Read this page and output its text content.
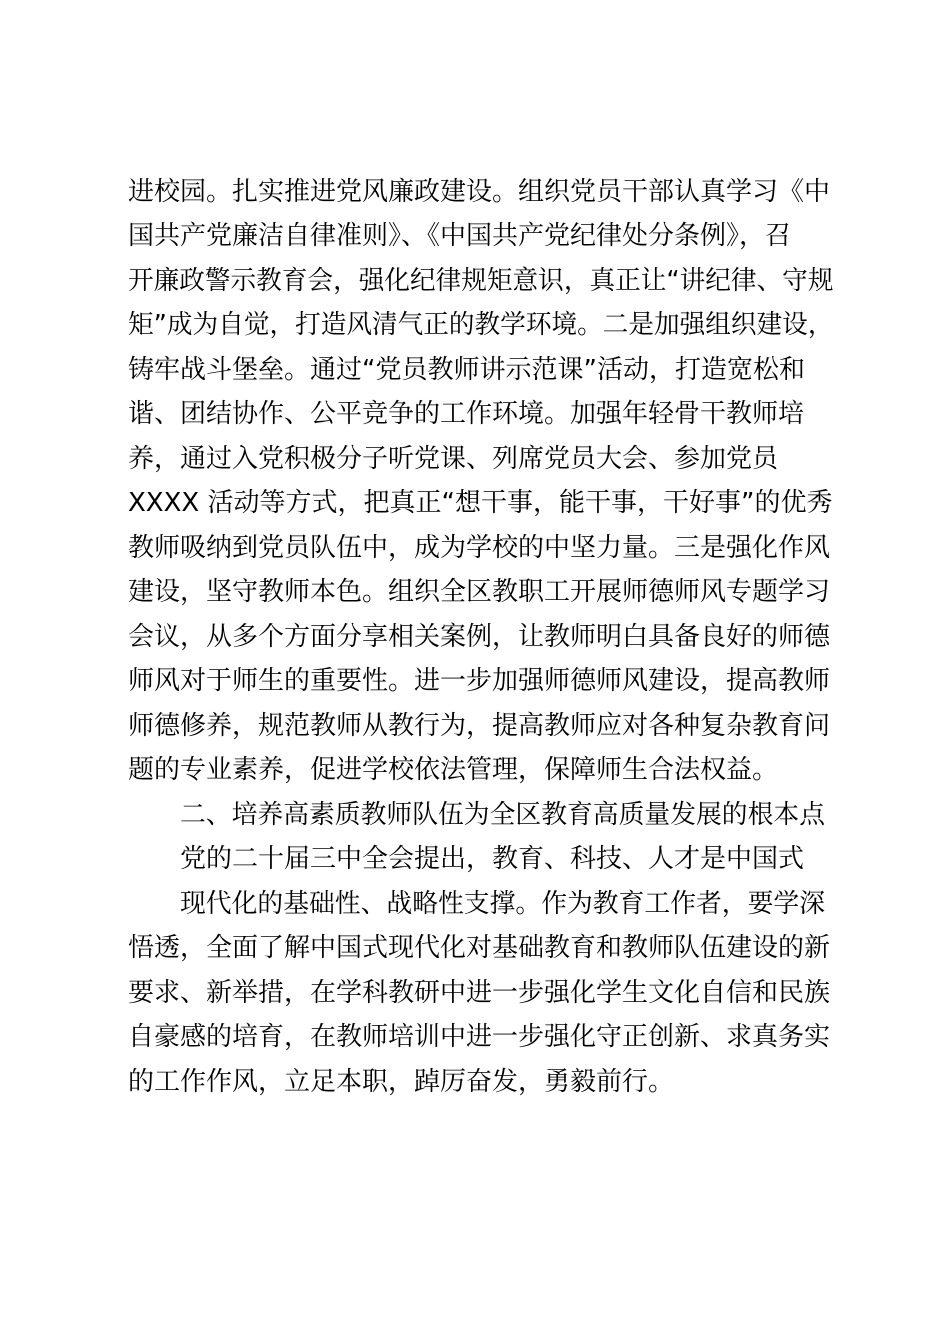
进校园。扎实推进党风廉政建设。组织党员干部认真学习《中
国共产党廉洁自律准则》、《中国共产党纪律处分条例》，召
开廉政警示教育会，强化纪律规矩意识，真正让“讲纪律、守规
矩”成为自觉，打造风清气正的教学环境。二是加强组织建设，
铸牢战斗堡垒。通过“党员教师讲示范课”活动，打造宽松和
谐、团结协作、公平竞争的工作环境。加强年轻骨干教师培
养，通过入党积极分子听党课、列席党员大会、参加党员
XXXX 活动等方式，把真正“想干事，能干事，干好事”的优秀
教师吸纳到党员队伍中，成为学校的中坚力量。三是强化作风
建设，坚守教师本色。组织全区教职工开展师德师风专题学习
会议，从多个方面分享相关案例，让教师明白具备良好的师德
师风对于师生的重要性。进一步加强师德师风建设，提高教师
师德修养，规范教师从教行为，提高教师应对各种复杂教育问
题的专业素养，促进学校依法管理，保障师生合法权益。
二、培养高素质教师队伍为全区教育高质量发展的根本点
党的二十届三中全会提出，教育、科技、人才是中国式
现代化的基础性、战略性支撑。作为教育工作者，要学深
悟透，全面了解中国式现代化对基础教育和教师队伍建设的新
要求、新举措，在学科教研中进一步强化学生文化自信和民族
自豪感的培育，在教师培训中进一步强化守正创新、求真务实
的工作作风，立足本职，踔厉奋发，勇毅前行。
